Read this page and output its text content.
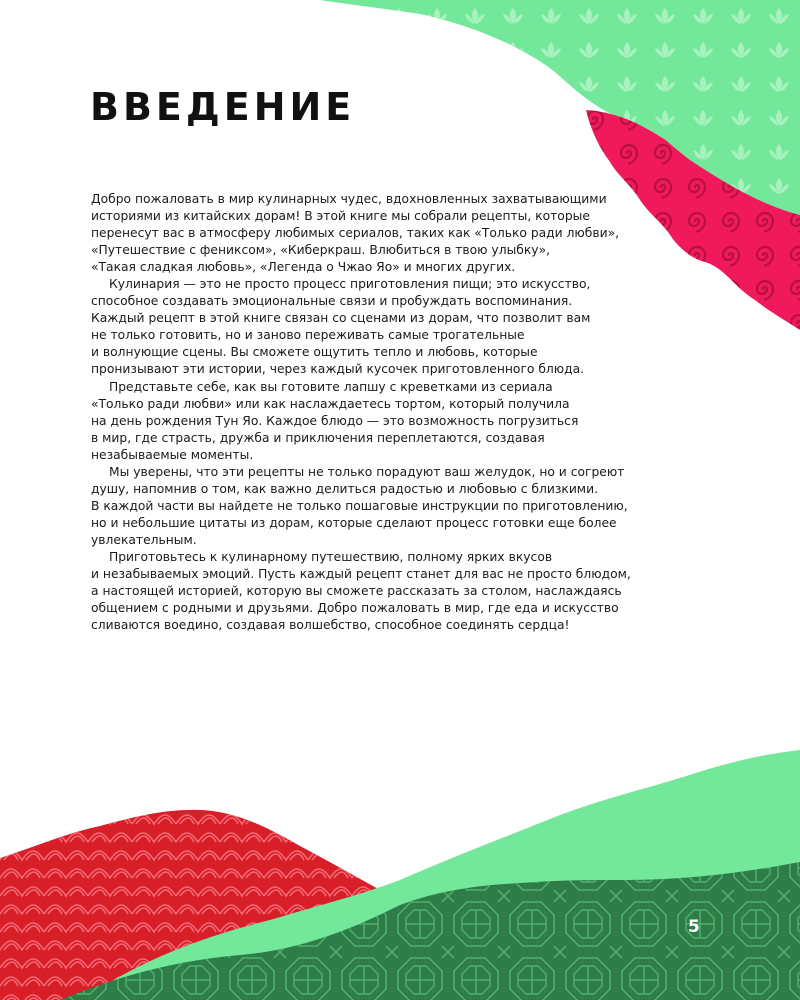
ВВЕДЕНИЕ
Добро пожаловать в мир кулинарных чудес, вдохновленных захватывающими
историями из китайских дорам! В этой книге мы собрали рецепты, которые
перенесут вас в атмосферу любимых сериалов, таких как «Только ради любви»,
«Путешествие с фениксом», «Киберкраш. Влюбиться в твою улыбку»,
«Такая сладкая любовь», «Легенда о Чжао Яо» и многих других.
Кулинария — это не просто процесс приготовления пищи; это искусство,
способное создавать эмоциональные связи и пробуждать воспоминания.
Каждый рецепт в этой книге связан со сценами из дорам, что позволит вам
не только готовить, но и заново переживать самые трогательные
и волнующие сцены. Вы сможете ощутить тепло и любовь, которые
пронизывают эти истории, через каждый кусочек приготовленного блюда.
Представьте себе, как вы готовите лапшу с креветками из сериала
«Только ради любви» или как наслаждаетесь тортом, который получила
на день рождения Тун Яо. Каждое блюдо — это возможность погрузиться
в мир, где страсть, дружба и приключения переплетаются, создавая
незабываемые моменты.
Мы уверены, что эти рецепты не только порадуют ваш желудок, но и согреют
душу, напомнив о том, как важно делиться радостью и любовью с близкими.
В каждой части вы найдете не только пошаговые инструкции по приготовлению,
но и небольшие цитаты из дорам, которые сделают процесс готовки еще более
увлекательным.
Приготовьтесь к кулинарному путешествию, полному ярких вкусов
и незабываемых эмоций. Пусть каждый рецепт станет для вас не просто блюдом,
а настоящей историей, которую вы сможете рассказать за столом, наслаждаясь
общением с родными и друзьями. Добро пожаловать в мир, где еда и искусство
сливаются воедино, создавая волшебство, способное соединять сердца!
5
